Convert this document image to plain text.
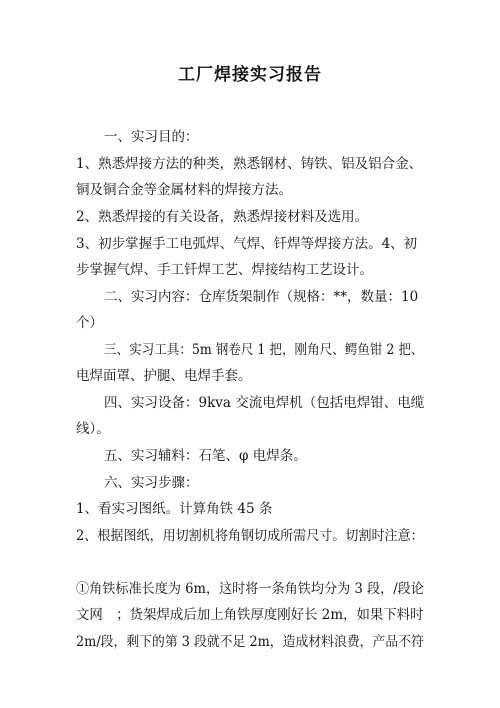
工厂焊接实习报告
一、实习目的：
1、熟悉焊接方法的种类，熟悉钢材、铸铁、铝及铝合金、
铜及铜合金等金属材料的焊接方法。
2、熟悉焊接的有关设备，熟悉焊接材料及选用。
3、初步掌握手工电弧焊、气焊、钎焊等焊接方法。4、初
步掌握气焊、手工钎焊工艺、焊接结构工艺设计。
二、实习内容：仓库货架制作（规格：**，数量：10
个）
三、实习工具：5m 钢卷尺 1 把，刚角尺、鳄鱼钳 2 把、
电焊面罩、护腿、电焊手套。
四、实习设备：9kva 交流电焊机（包括电焊钳、电缆
线）。
五、实习辅料：石笔、φ 电焊条。
六、实习步骤：
1、看实习图纸。计算角铁 45 条
2、根据图纸，用切割机将角钢切成所需尺寸。切割时注意：
①角铁标准长度为 6m，这时将一条角铁均分为 3 段，/段论
文网　；货架焊成后加上角铁厚度刚好长 2m，如果下料时
2m/段，剩下的第 3 段就不足 2m，造成材料浪费，产品不符
